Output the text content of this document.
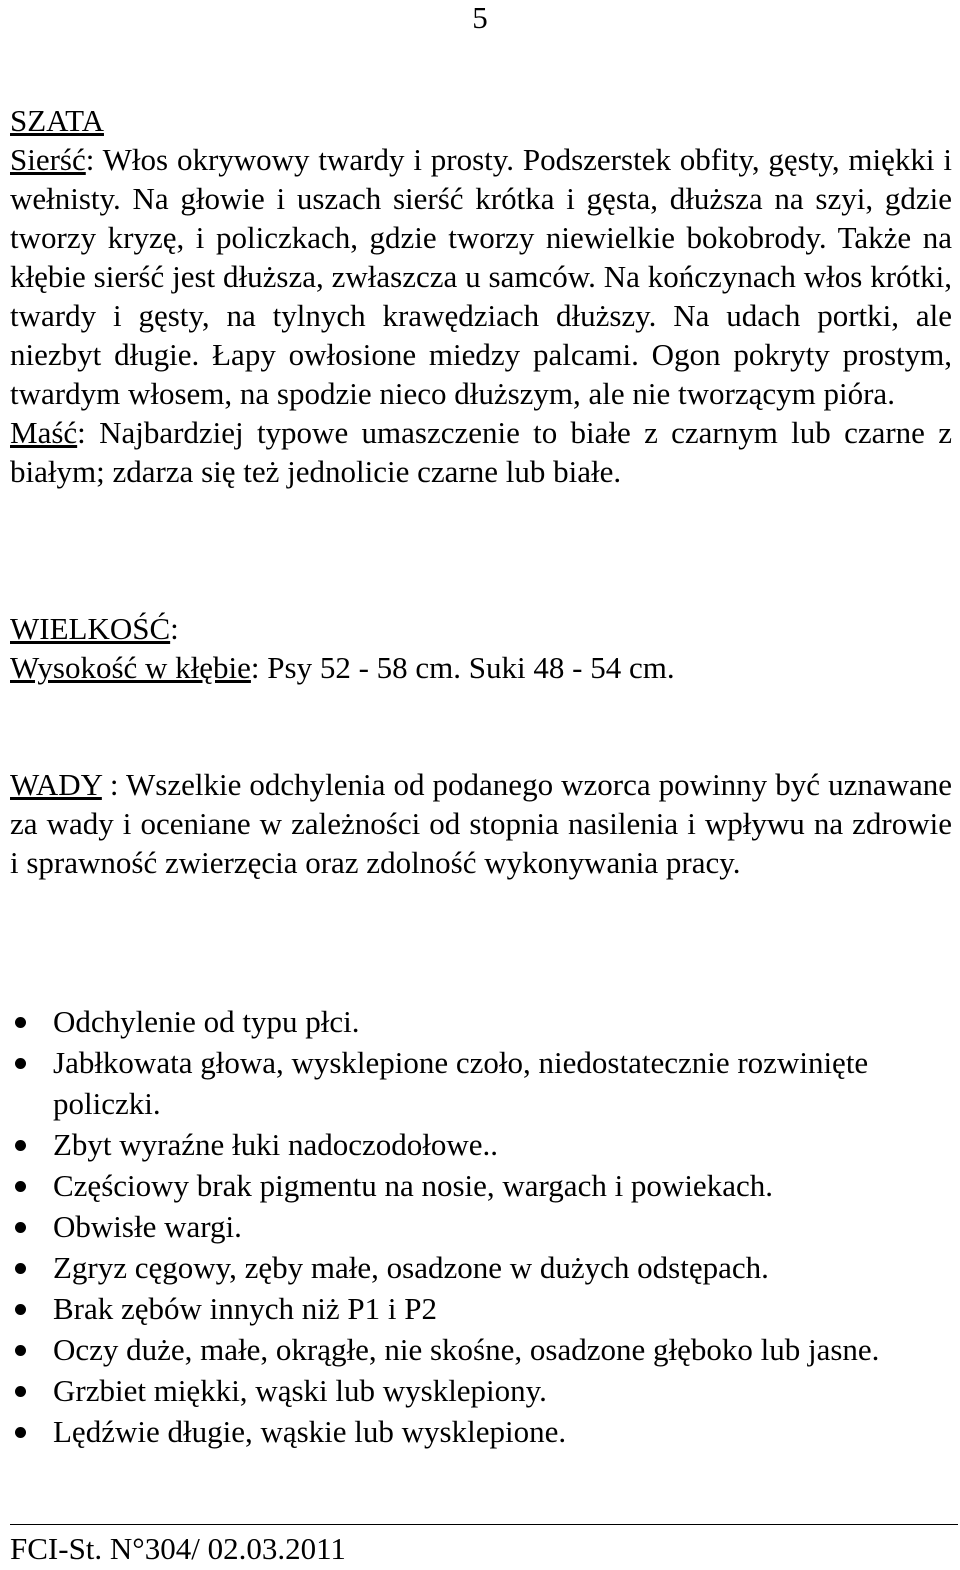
5
SZATA
Sierść: Włos okrywowy twardy i prosty. Podszerstek obfity, gęsty, miękki i wełnisty. Na głowie i uszach sierść krótka i gęsta, dłuższa na szyi, gdzie tworzy kryzę, i policzkach, gdzie tworzy niewielkie bokobrody. Także na kłębie sierść jest dłuższa, zwłaszcza u samców. Na kończynach włos krótki, twardy i gęsty, na tylnych krawędziach dłuższy. Na udach portki, ale niezbyt długie. Łapy owłosione miedzy palcami. Ogon pokryty prostym, twardym włosem, na spodzie nieco dłuższym, ale nie tworzącym pióra.
Maść: Najbardziej typowe umaszczenie to białe z czarnym lub czarne z białym; zdarza się też jednolicie czarne lub białe.
WIELKOŚĆ:
Wysokość w kłębie: Psy 52 - 58 cm. Suki 48 - 54 cm.
WADY : Wszelkie odchylenia od podanego wzorca powinny być uznawane za wady i oceniane w zależności od stopnia nasilenia i wpływu na zdrowie i sprawność zwierzęcia oraz zdolność wykonywania pracy.
Odchylenie od typu płci.
Jabłkowata głowa, wysklepione czoło, niedostatecznie rozwinięte policzki.
Zbyt wyraźne łuki nadoczodołowe..
Częściowy brak pigmentu na nosie, wargach i powiekach.
Obwisłe wargi.
Zgryz cęgowy, zęby małe, osadzone w dużych odstępach.
Brak zębów innych niż P1 i P2
Oczy duże, małe, okrągłe, nie skośne, osadzone głęboko lub jasne.
Grzbiet miękki, wąski lub wysklepiony.
Lędźwie długie, wąskie lub wysklepione.
FCI-St. N°304/ 02.03.2011
